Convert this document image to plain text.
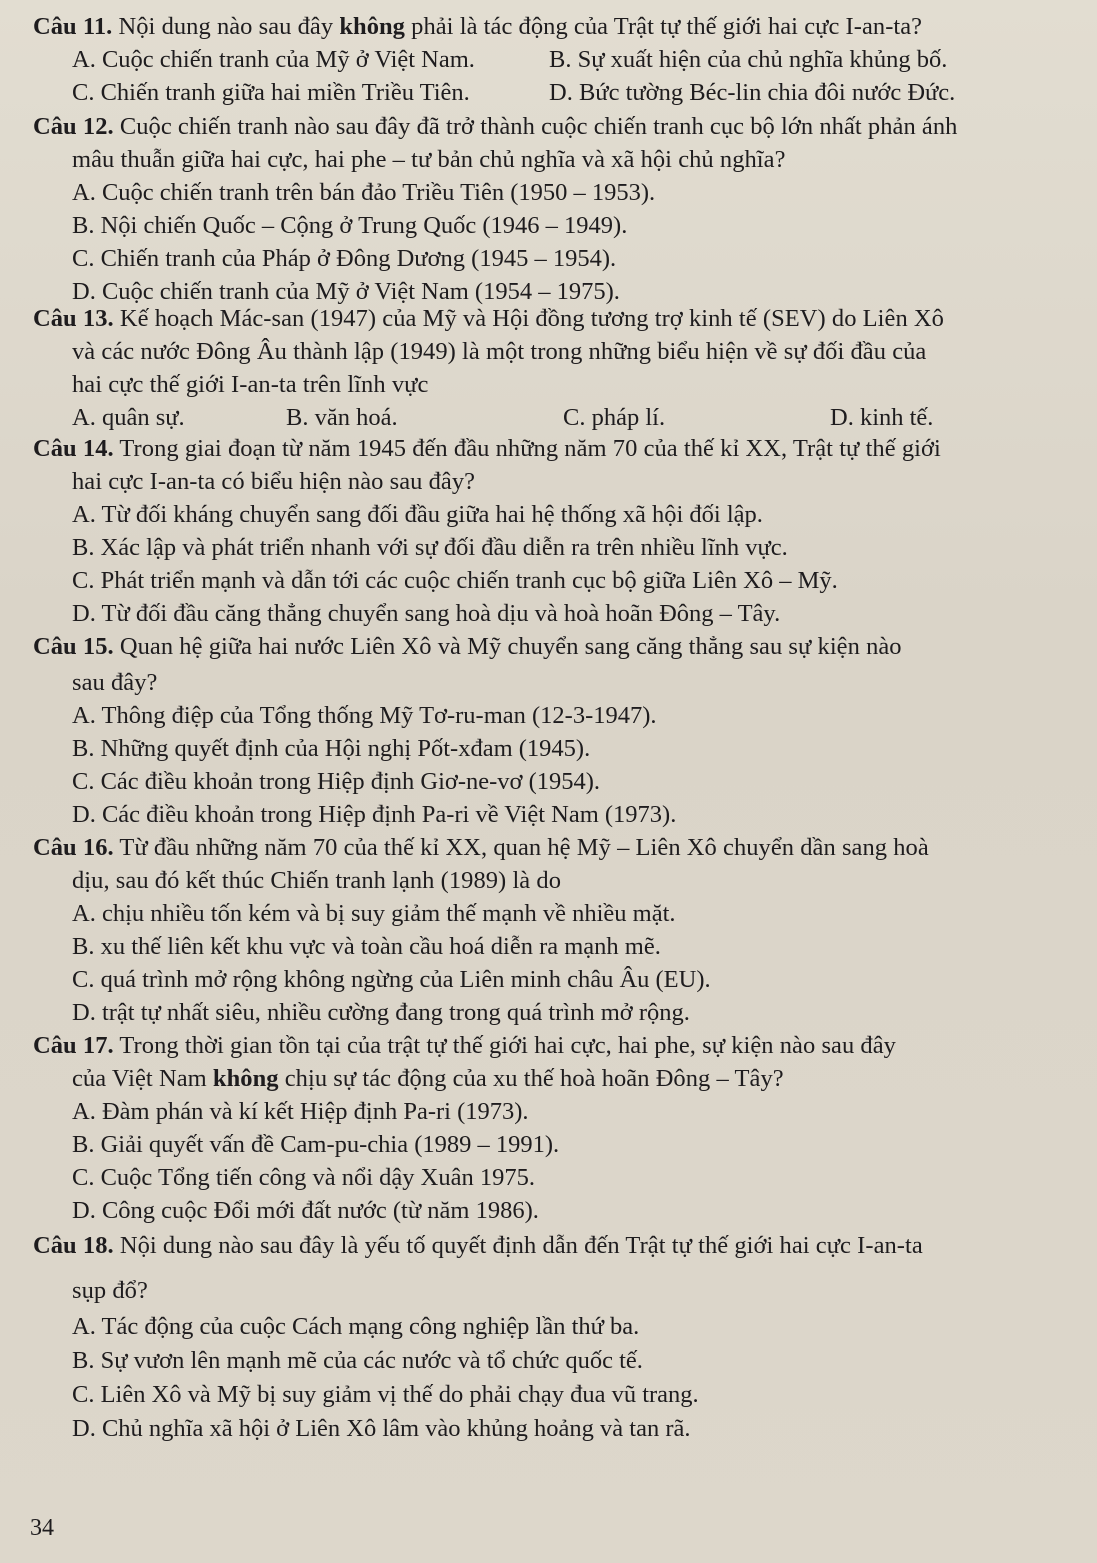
Câu 11. Nội dung nào sau đây không phải là tác động của Trật tự thế giới hai cực I-an-ta?
A. Cuộc chiến tranh của Mỹ ở Việt Nam.	B. Sự xuất hiện của chủ nghĩa khủng bố.
C. Chiến tranh giữa hai miền Triều Tiên.	D. Bức tường Béc-lin chia đôi nước Đức.
Câu 12. Cuộc chiến tranh nào sau đây đã trở thành cuộc chiến tranh cục bộ lớn nhất phản ánh
mâu thuẫn giữa hai cực, hai phe – tư bản chủ nghĩa và xã hội chủ nghĩa?
A. Cuộc chiến tranh trên bán đảo Triều Tiên (1950 – 1953).
B. Nội chiến Quốc – Cộng ở Trung Quốc (1946 – 1949).
C. Chiến tranh của Pháp ở Đông Dương (1945 – 1954).
D. Cuộc chiến tranh của Mỹ ở Việt Nam (1954 – 1975).
Câu 13. Kế hoạch Mác-san (1947) của Mỹ và Hội đồng tương trợ kinh tế (SEV) do Liên Xô
và các nước Đông Âu thành lập (1949) là một trong những biểu hiện về sự đối đầu của
hai cực thế giới I-an-ta trên lĩnh vực
A. quân sự.	B. văn hoá.	C. pháp lí.	D. kinh tế.
Câu 14. Trong giai đoạn từ năm 1945 đến đầu những năm 70 của thế kỉ XX, Trật tự thế giới
hai cực I-an-ta có biểu hiện nào sau đây?
A. Từ đối kháng chuyển sang đối đầu giữa hai hệ thống xã hội đối lập.
B. Xác lập và phát triển nhanh với sự đối đầu diễn ra trên nhiều lĩnh vực.
C. Phát triển mạnh và dẫn tới các cuộc chiến tranh cục bộ giữa Liên Xô – Mỹ.
D. Từ đối đầu căng thẳng chuyển sang hoà dịu và hoà hoãn Đông – Tây.
Câu 15. Quan hệ giữa hai nước Liên Xô và Mỹ chuyển sang căng thẳng sau sự kiện nào
sau đây?
A. Thông điệp của Tổng thống Mỹ Tơ-ru-man (12-3-1947).
B. Những quyết định của Hội nghị Pốt-xđam (1945).
C. Các điều khoản trong Hiệp định Giơ-ne-vơ (1954).
D. Các điều khoản trong Hiệp định Pa-ri về Việt Nam (1973).
Câu 16. Từ đầu những năm 70 của thế kỉ XX, quan hệ Mỹ – Liên Xô chuyển dần sang hoà
dịu, sau đó kết thúc Chiến tranh lạnh (1989) là do
A. chịu nhiều tốn kém và bị suy giảm thế mạnh về nhiều mặt.
B. xu thế liên kết khu vực và toàn cầu hoá diễn ra mạnh mẽ.
C. quá trình mở rộng không ngừng của Liên minh châu Âu (EU).
D. trật tự nhất siêu, nhiều cường đang trong quá trình mở rộng.
Câu 17. Trong thời gian tồn tại của trật tự thế giới hai cực, hai phe, sự kiện nào sau đây
của Việt Nam không chịu sự tác động của xu thế hoà hoãn Đông – Tây?
A. Đàm phán và kí kết Hiệp định Pa-ri (1973).
B. Giải quyết vấn đề Cam-pu-chia (1989 – 1991).
C. Cuộc Tổng tiến công và nổi dậy Xuân 1975.
D. Công cuộc Đổi mới đất nước (từ năm 1986).
Câu 18. Nội dung nào sau đây là yếu tố quyết định dẫn đến Trật tự thế giới hai cực I-an-ta
sụp đổ?
A. Tác động của cuộc Cách mạng công nghiệp lần thứ ba.
B. Sự vươn lên mạnh mẽ của các nước và tổ chức quốc tế.
C. Liên Xô và Mỹ bị suy giảm vị thế do phải chạy đua vũ trang.
D. Chủ nghĩa xã hội ở Liên Xô lâm vào khủng hoảng và tan rã.
34
